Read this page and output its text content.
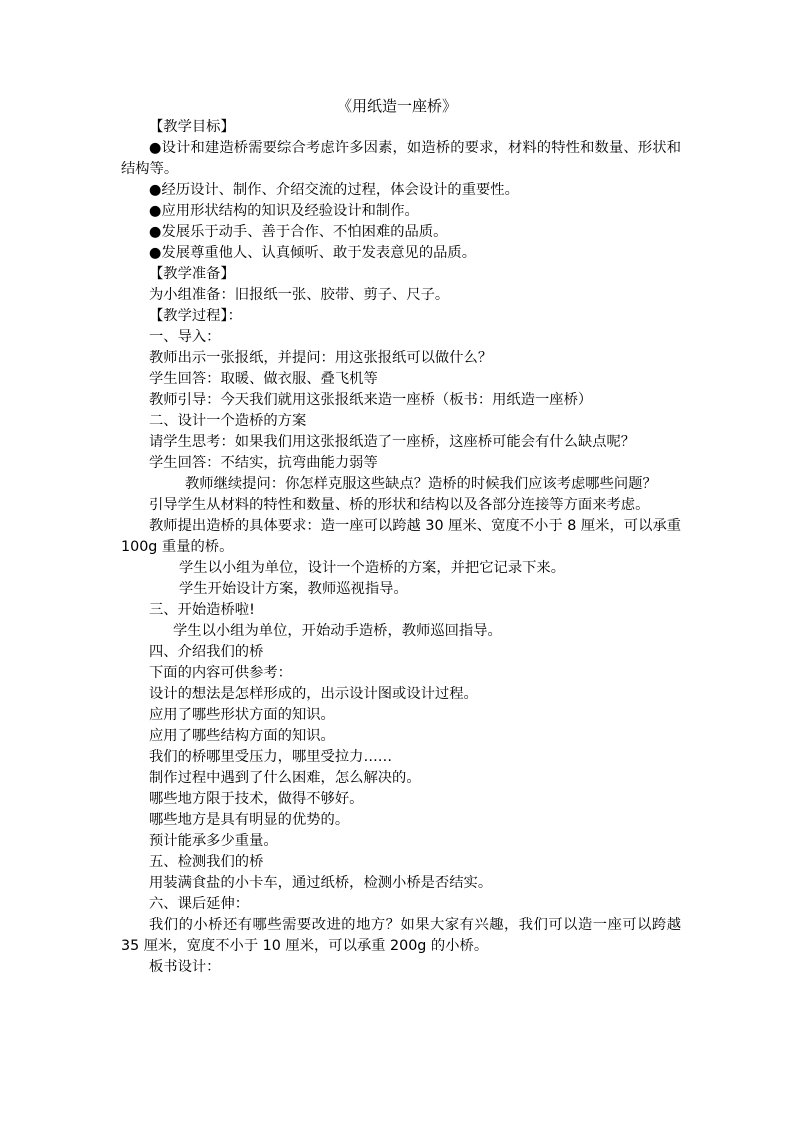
《用纸造一座桥》

【教学目标】

●设计和建造桥需要综合考虑许多因素，如造桥的要求，材料的特性和数量、形状和结构等。

●经历设计、制作、介绍交流的过程，体会设计的重要性。

●应用形状结构的知识及经验设计和制作。

●发展乐于动手、善于合作、不怕困难的品质。

●发展尊重他人、认真倾听、敢于发表意见的品质。

【教学准备】

为小组准备：旧报纸一张、胶带、剪子、尺子。

【教学过程】：

一、导入：

教师出示一张报纸，并提问：用这张报纸可以做什么？

学生回答：取暖、做衣服、叠飞机等

教师引导：今天我们就用这张报纸来造一座桥（板书：用纸造一座桥）

二、设计一个造桥的方案

请学生思考：如果我们用这张报纸造了一座桥，这座桥可能会有什么缺点呢？

学生回答：不结实，抗弯曲能力弱等

教师继续提问：你怎样克服这些缺点？造桥的时候我们应该考虑哪些问题？

引导学生从材料的特性和数量、桥的形状和结构以及各部分连接等方面来考虑。

教师提出造桥的具体要求：造一座可以跨越 30 厘米、宽度不小于 8 厘米，可以承重 100g 重量的桥。

学生以小组为单位，设计一个造桥的方案，并把它记录下来。

学生开始设计方案，教师巡视指导。

三、开始造桥啦!

学生以小组为单位，开始动手造桥，教师巡回指导。

四、介绍我们的桥

下面的内容可供参考：

设计的想法是怎样形成的，出示设计图或设计过程。

应用了哪些形状方面的知识。

应用了哪些结构方面的知识。

我们的桥哪里受压力，哪里受拉力……

制作过程中遇到了什么困难，怎么解决的。

哪些地方限于技术，做得不够好。

哪些地方是具有明显的优势的。

预计能承多少重量。

五、检测我们的桥

用装满食盐的小卡车，通过纸桥，检测小桥是否结实。

六、课后延伸：

我们的小桥还有哪些需要改进的地方？如果大家有兴趣，我们可以造一座可以跨越 35 厘米，宽度不小于 10 厘米，可以承重 200g 的小桥。

板书设计：
